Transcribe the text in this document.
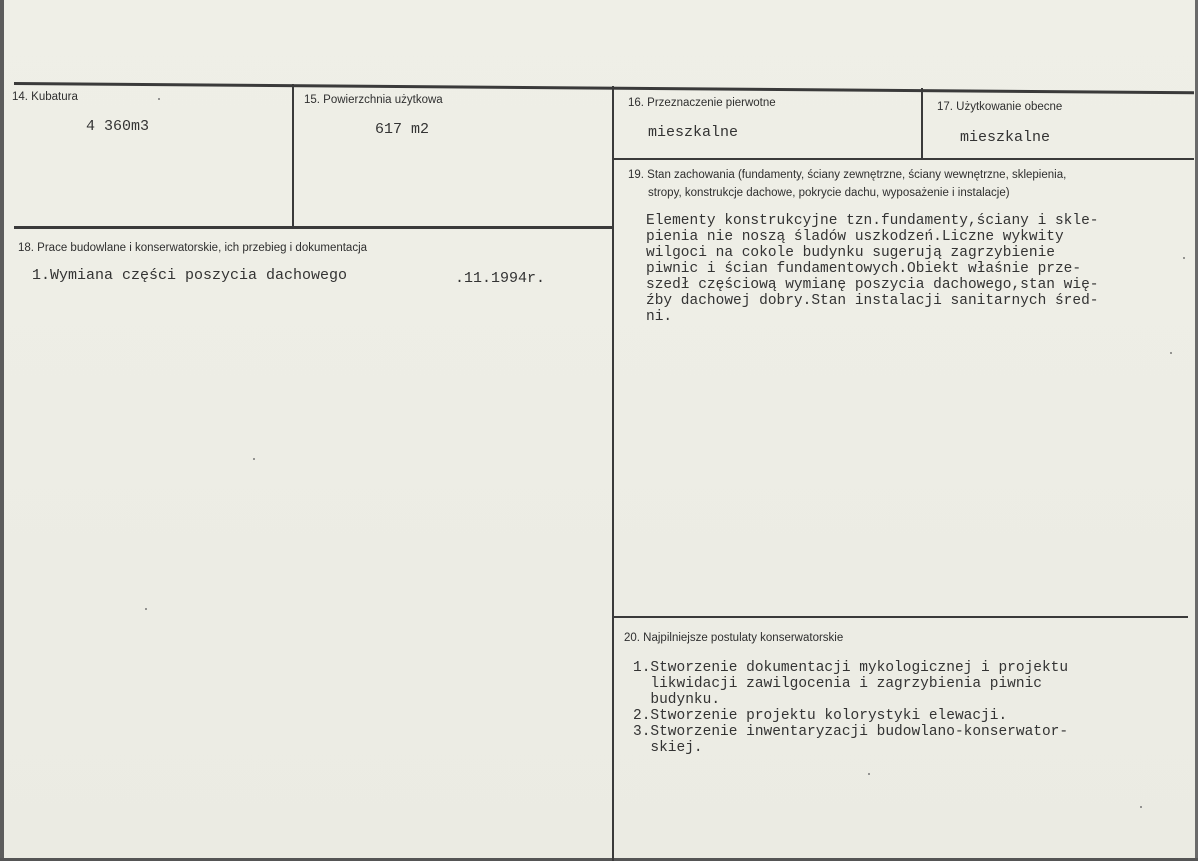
14. Kubatura
4 360m3
15. Powierzchnia użytkowa
617 m2
16. Przeznaczenie pierwotne
mieszkalne
17. Użytkowanie obecne
mieszkalne
18. Prace budowlane i konserwatorskie, ich przebieg i dokumentacja
1.Wymiana części poszycia dachowego	.11.1994r.
19. Stan zachowania (fundamenty, ściany zewnętrzne, ściany wewnętrzne, sklepienia,
stropy, konstrukcje dachowe, pokrycie dachu, wyposażenie i instalacje)
Elementy konstrukcyjne tzn.fundamenty,ściany i skle-
pienia nie noszą śladów uszkodzeń.Liczne wykwity
wilgoci na cokole budynku sugerują zagrzybienie
piwnic i ścian fundamentowych.Obiekt właśnie prze-
szedł częściową wymianę poszycia dachowego,stan wię-
źby dachowej dobry.Stan instalacji sanitarnych śred-
ni.
20. Najpilniejsze postulaty konserwatorskie
1.Stworzenie dokumentacji mykologicznej i projektu
likwidacji zawilgocenia i zagrzybienia piwnic
budynku.
2.Stworzenie projektu kolorystyki elewacji.
3.Stworzenie inwentaryzacji budowlano-konserwator-
skiej.
